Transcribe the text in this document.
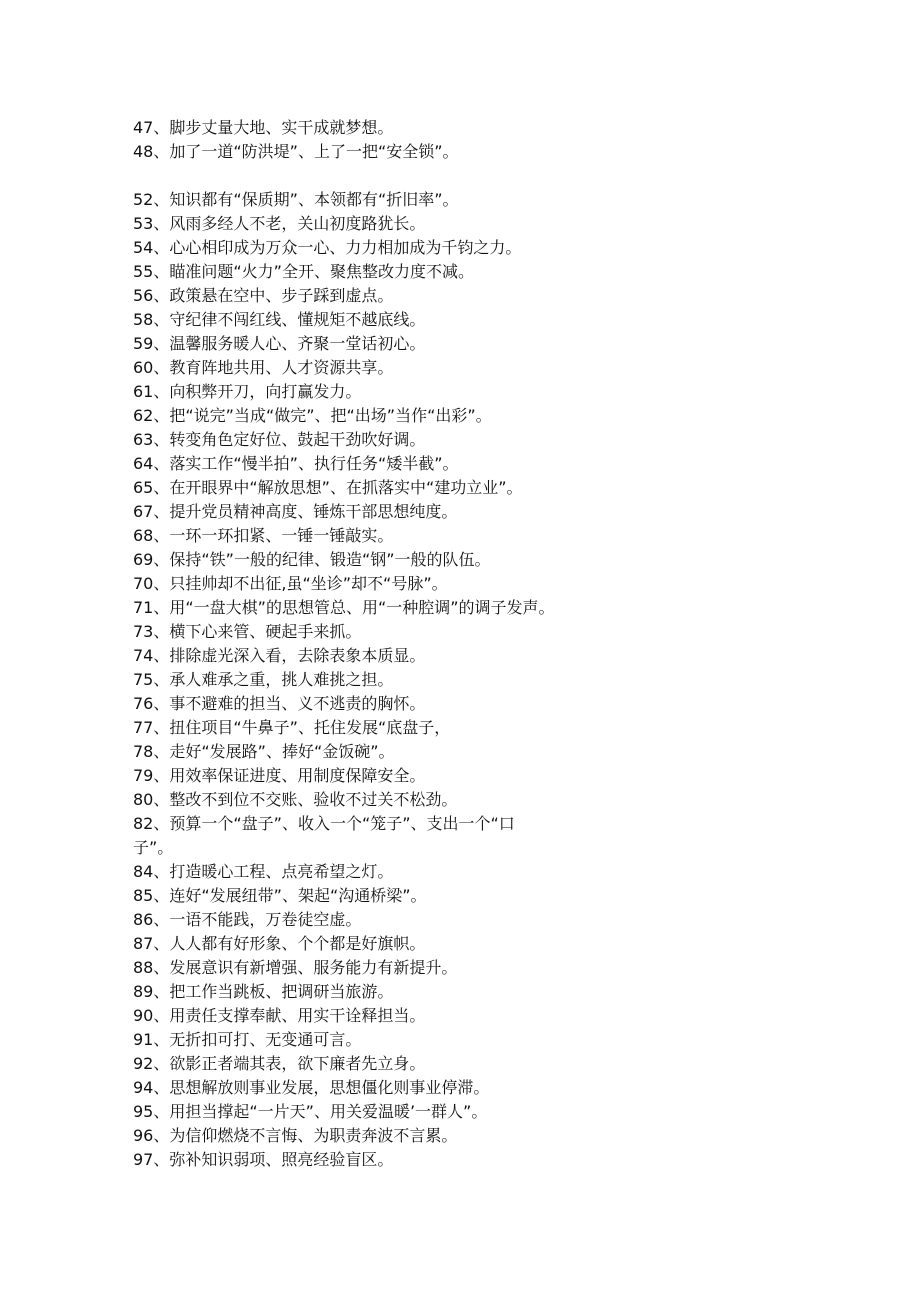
47、脚步丈量大地、实干成就梦想。
48、加了一道“防洪堤”、上了一把“安全锁”。
52、知识都有“保质期”、本领都有“折旧率”。
53、风雨多经人不老，关山初度路犹长。
54、心心相印成为万众一心、力力相加成为千钧之力。
55、瞄准问题“火力”全开、聚焦整改力度不减。
56、政策悬在空中、步子踩到虚点。
58、守纪律不闯红线、懂规矩不越底线。
59、温馨服务暖人心、齐聚一堂话初心。
60、教育阵地共用、人才资源共享。
61、向积弊开刀，向打赢发力。
62、把“说完”当成“做完”、把“出场”当作“出彩”。
63、转变角色定好位、鼓起干劲吹好调。
64、落实工作“慢半拍”、执行任务“矮半截”。
65、在开眼界中“解放思想”、在抓落实中“建功立业”。
67、提升党员精神高度、锤炼干部思想纯度。
68、一环一环扣紧、一锤一锤敲实。
69、保持“铁”一般的纪律、锻造“钢”一般的队伍。
70、只挂帅却不出征,虽“坐诊”却不“号脉”。
71、用“一盘大棋”的思想管总、用“一种腔调”的调子发声。
73、横下心来管、硬起手来抓。
74、排除虚光深入看，去除表象本质显。
75、承人难承之重，挑人难挑之担。
76、事不避难的担当、义不逃责的胸怀。
77、扭住项目“牛鼻子”、托住发展“底盘子，
78、走好“发展路”、捧好“金饭碗”。
79、用效率保证进度、用制度保障安全。
80、整改不到位不交账、验收不过关不松劲。
82、预算一个“盘子”、收入一个“笼子”、支出一个“口
子”。
84、打造暖心工程、点亮希望之灯。
85、连好“发展纽带”、架起“沟通桥梁”。
86、一语不能践，万卷徒空虚。
87、人人都有好形象、个个都是好旗帜。
88、发展意识有新增强、服务能力有新提升。
89、把工作当跳板、把调研当旅游。
90、用责任支撑奉献、用实干诠释担当。
91、无折扣可打、无变通可言。
92、欲影正者端其表，欲下廉者先立身。
94、思想解放则事业发展，思想僵化则事业停滞。
95、用担当撑起“一片天”、用关爱温暖’一群人”。
96、为信仰燃烧不言悔、为职责奔波不言累。
97、弥补知识弱项、照亮经验盲区。
